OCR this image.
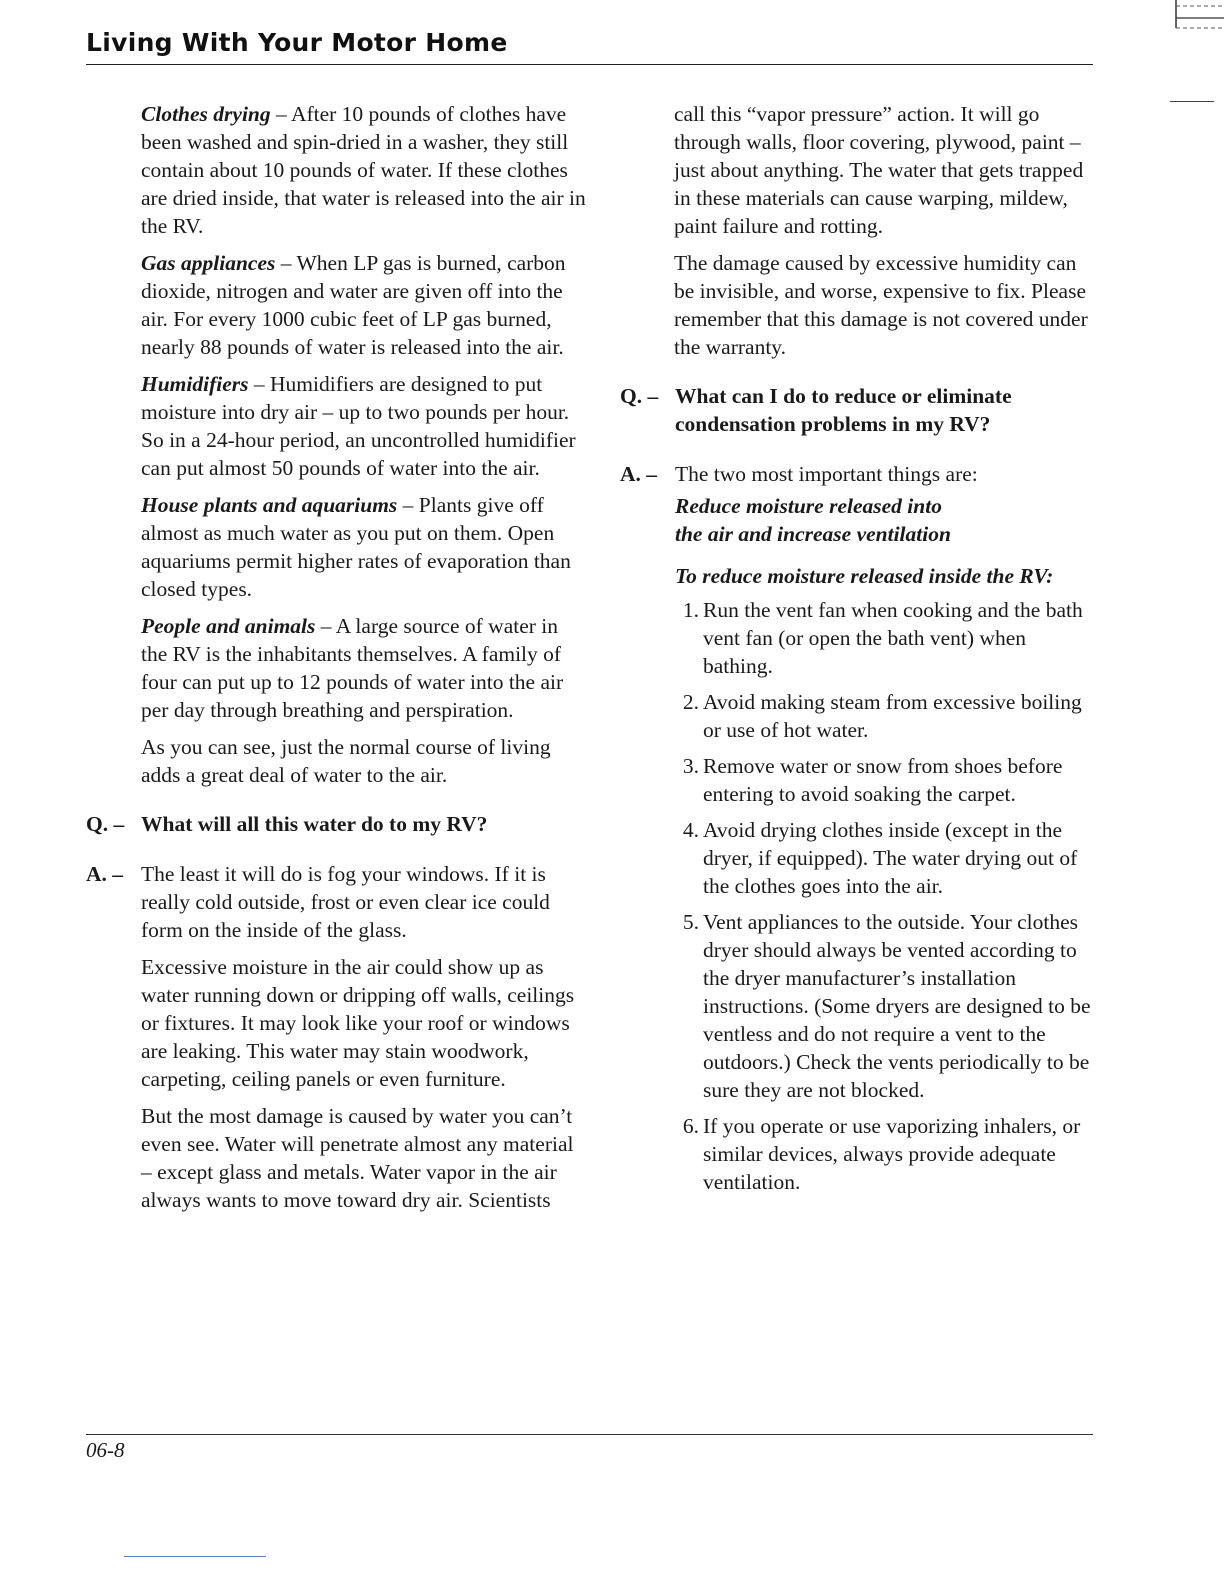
Living With Your Motor Home

Clothes drying – After 10 pounds of clothes have been washed and spin-dried in a washer, they still contain about 10 pounds of water. If these clothes are dried inside, that water is released into the air in the RV.

Gas appliances – When LP gas is burned, carbon dioxide, nitrogen and water are given off into the air. For every 1000 cubic feet of LP gas burned, nearly 88 pounds of water is released into the air.

Humidifiers – Humidifiers are designed to put moisture into dry air – up to two pounds per hour. So in a 24-hour period, an uncontrolled humidifier can put almost 50 pounds of water into the air.

House plants and aquariums – Plants give off almost as much water as you put on them. Open aquariums permit higher rates of evaporation than closed types.

People and animals – A large source of water in the RV is the inhabitants themselves. A family of four can put up to 12 pounds of water into the air per day through breathing and perspiration.

As you can see, just the normal course of living adds a great deal of water to the air.

Q. – What will all this water do to my RV?
A. – The least it will do is fog your windows. If it is really cold outside, frost or even clear ice could form on the inside of the glass.

Excessive moisture in the air could show up as water running down or dripping off walls, ceilings or fixtures. It may look like your roof or windows are leaking. This water may stain woodwork, carpeting, ceiling panels or even furniture.

But the most damage is caused by water you can’t even see. Water will penetrate almost any material – except glass and metals. Water vapor in the air always wants to move toward dry air. Scientists

call this “vapor pressure” action. It will go through walls, floor covering, plywood, paint – just about anything. The water that gets trapped in these materials can cause warping, mildew, paint failure and rotting.

The damage caused by excessive humidity can be invisible, and worse, expensive to fix. Please remember that this damage is not covered under the warranty.

Q. – What can I do to reduce or eliminate condensation problems in my RV?
A. – The two most important things are:

Reduce moisture released into

the air and increase ventilation

To reduce moisture released inside the RV:

1. Run the vent fan when cooking and the bath vent fan (or open the bath vent) when bathing.
2. Avoid making steam from excessive boiling or use of hot water.
3. Remove water or snow from shoes before entering to avoid soaking the carpet.
4. Avoid drying clothes inside (except in the dryer, if equipped). The water drying out of the clothes goes into the air.
5. Vent appliances to the outside. Your clothes dryer should always be vented according to the dryer manufacturer’s installation instructions. (Some dryers are designed to be ventless and do not require a vent to the outdoors.) Check the vents periodically to be sure they are not blocked.
6. If you operate or use vaporizing inhalers, or similar devices, always provide adequate ventilation.
06-8
